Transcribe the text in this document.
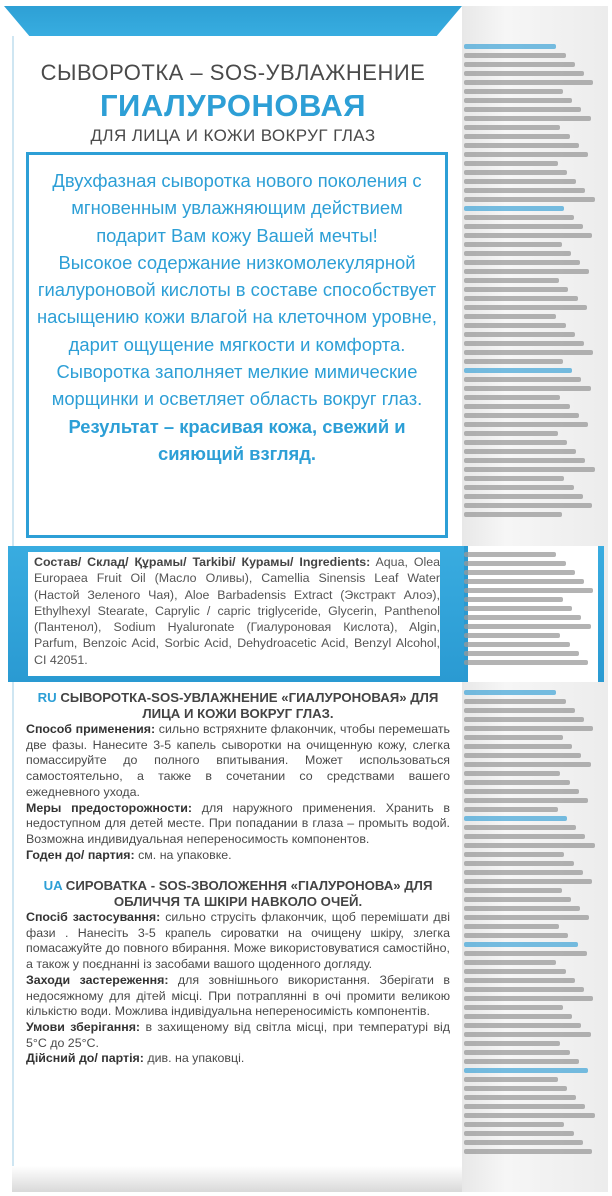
СЫВОРОТКА – SOS-УВЛАЖНЕНИЕ
ГИАЛУРОНОВАЯ
ДЛЯ ЛИЦА И КОЖИ ВОКРУГ ГЛАЗ

Двухфазная сыворотка нового поколения с мгновенным увлажняющим действием подарит Вам кожу Вашей мечты!

Высокое содержание низкомолекулярной гиалуроновой кислоты в составе способствует насыщению кожи влагой на клеточном уровне, дарит ощущение мягкости и комфорта.

Сыворотка заполняет мелкие мимические морщинки и осветляет область вокруг глаз.

Результат – красивая кожа, свежий и сияющий взгляд.

Состав/ Склад/ Құрамы/ Tarkibi/ Курамы/ Ingredients: Aqua, Olea Europaea Fruit Oil (Масло Оливы), Camellia Sinensis Leaf Water (Настой Зеленого Чая), Aloe Barbadensis Extract (Экстракт Алоэ), Ethylhexyl Stearate, Caprylic / capric triglyceride, Glycerin, Panthenol (Пантенол), Sodium Hyaluronate (Гиалуроновая Кислота), Algin, Parfum, Benzoic Acid, Sorbic Acid, Dehydroacetic Acid, Benzyl Alcohol, CI 42051.
RU СЫВОРОТКА-SOS-УВЛАЖНЕНИЕ «ГИАЛУРОНОВАЯ» ДЛЯ ЛИЦА И КОЖИ ВОКРУГ ГЛАЗ.
Способ применения: сильно встряхните флакончик, чтобы перемешать две фазы. Нанесите 3-5 капель сыворотки на очищенную кожу, слегка помассируйте до полного впитывания. Может использоваться самостоятельно, а также в сочетании со средствами вашего ежедневного ухода.
Меры предосторожности: для наружного применения. Хранить в недоступном для детей месте. При попадании в глаза – промыть водой. Возможна индивидуальная непереносимость компонентов.
Годен до/ партия: см. на упаковке.
UA СИРОВАТКА - SOS-ЗВОЛОЖЕННЯ «ГІАЛУРОНОВА» ДЛЯ ОБЛИЧЧЯ ТА ШКІРИ НАВКОЛО ОЧЕЙ.
Спосіб застосування: сильно струсіть флакончик, щоб перемішати дві фази . Нанесіть 3-5 крапель сироватки на очищену шкіру, злегка помасажуйте до повного вбирання. Може використовуватися самостійно, а також у поєднанні із засобами вашого щоденного догляду.
Заходи застереження: для зовнішнього використання. Зберігати в недосяжному для дітей місці. При потраплянні в очі промити великою кількістю води. Можлива індивідуальна непереносимість компонентів.
Умови зберігання: в захищеному від світла місці, при температурі від 5°С до 25°С.
Дійсний до/ партія: див. на упаковці.
